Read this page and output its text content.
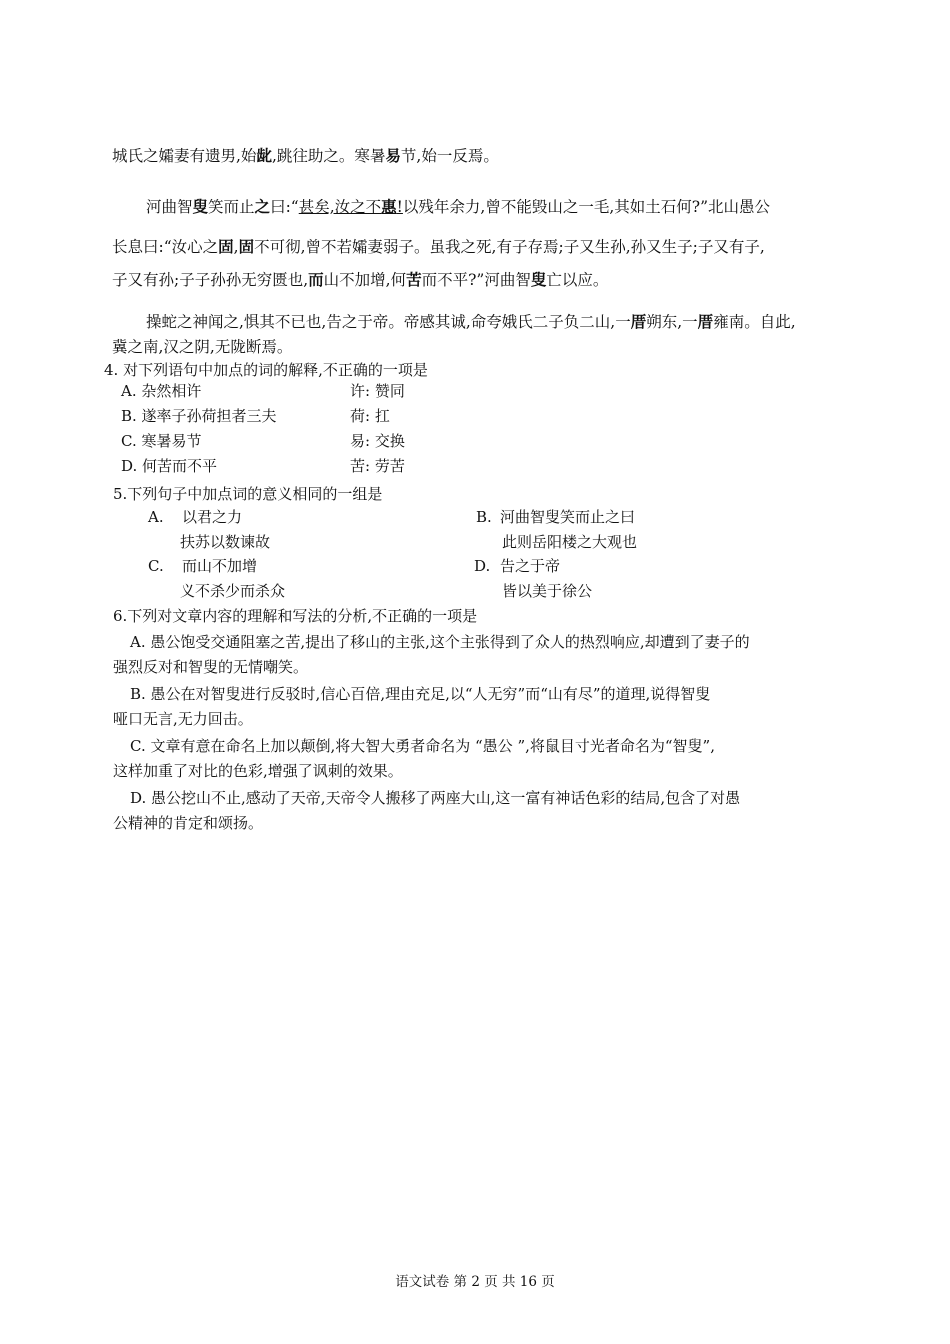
城氏之孀妻有遗男,始龀,跳往助之。寒暑易节,始一反焉。
河曲智叟笑而止之曰:“甚矣,汝之不惠!以残年余力,曾不能毁山之一毛,其如土石何?”北山愚公
长息曰:“汝心之固,固不可彻,曾不若孀妻弱子。虽我之死,有子存焉;子又生孙,孙又生子;子又有子,
子又有孙;子子孙孙无穷匮也,而山不加增,何苦而不平?”河曲智叟亡以应。
操蛇之神闻之,惧其不已也,告之于帝。帝感其诚,命夸娥氏二子负二山,一厝朔东,一厝雍南。自此,
冀之南,汉之阴,无陇断焉。
4. 对下列语句中加点的词的解释,不正确的一项是
A. 杂然相许	许: 赞同
B. 遂率子孙荷担者三夫	荷: 扛
C. 寒暑易节	易: 交换
D. 何苦而不平	苦: 劳苦
5.下列句子中加点词的意义相同的一组是
A. 以君之力
扶苏以数谏故
B. 河曲智叟笑而止之曰
此则岳阳楼之大观也
C. 而山不加增
义不杀少而杀众
D. 告之于帝
皆以美于徐公
6.下列对文章内容的理解和写法的分析,不正确的一项是
A. 愚公饱受交通阻塞之苦,提出了移山的主张,这个主张得到了众人的热烈响应,却遭到了妻子的
强烈反对和智叟的无情嘲笑。
B. 愚公在对智叟进行反驳时,信心百倍,理由充足,以“人无穷”而“山有尽”的道理,说得智叟
哑口无言,无力回击。
C. 文章有意在命名上加以颠倒,将大智大勇者命名为 “愚公 ”,将鼠目寸光者命名为“智叟”,
这样加重了对比的色彩,增强了讽刺的效果。
D. 愚公挖山不止,感动了天帝,天帝令人搬移了两座大山,这一富有神话色彩的结局,包含了对愚
公精神的肯定和颂扬。
语文试卷 第 2 页 共 16 页
